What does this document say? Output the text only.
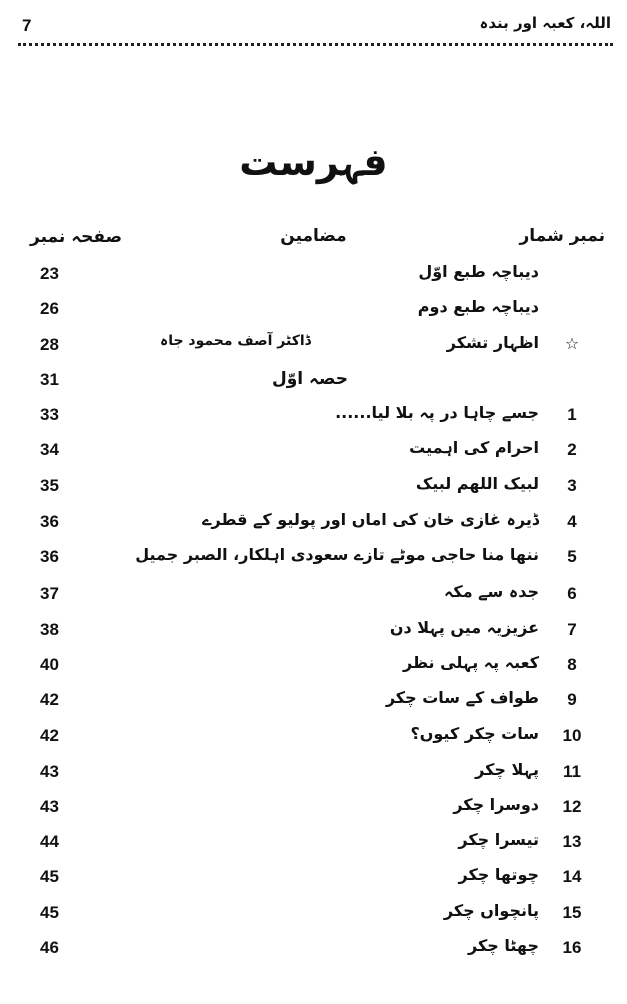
7	اللہ، کعبہ اور بندہ
فہرست
نمبر شمار
مضامین
صفحہ نمبر
دیباچہ طبع اوّل
23
دیباچہ طبع دوم
26
☆
اظہار تشکر
ڈاکٹر آصف محمود جاہ
28
حصہ اوّل
31
1
جسے چاہا در پہ بلا لیا......
33
2
احرام کی اہمیت
34
3
لبیک اللھم لبیک
35
4
ڈیرہ غازی خان کی اماں اور پولیو کے قطرے
36
5
ننھا منا حاجی موٹے تازے سعودی اہلکار، الصبر جمیل
36
6
جدہ سے مکہ
37
7
عزیزیہ میں پہلا دن
38
8
کعبہ پہ پہلی نظر
40
9
طواف کے سات چکر
42
10
سات چکر کیوں؟
42
11
پہلا چکر
43
12
دوسرا چکر
43
13
تیسرا چکر
44
14
چوتھا چکر
45
15
پانچواں چکر
45
16
چھٹا چکر
46
